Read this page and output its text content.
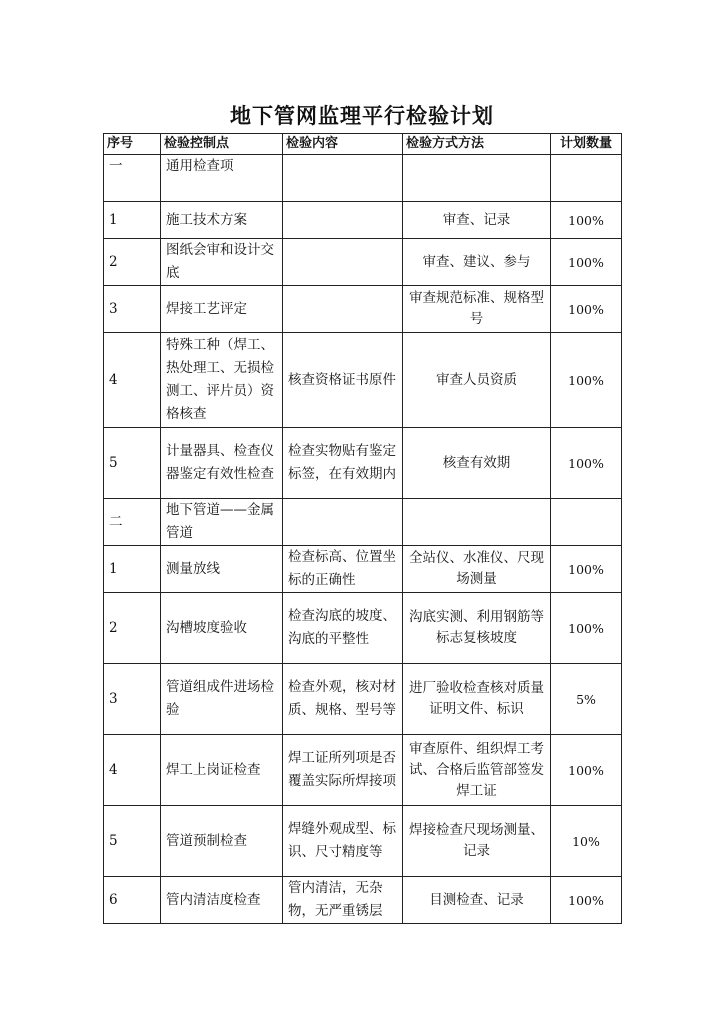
地下管网监理平行检验计划
序号	检验控制点	检验内容	检验方式方法	计划数量
一	通用检查项			
1	施工技术方案		审查、记录	100%
2	图纸会审和设计交底		审查、建议、参与	100%
3	焊接工艺评定		审查规范标准、规格型号	100%
4	特殊工种（焊工、热处理工、无损检测工、评片员）资格核查	核查资格证书原件	审查人员资质	100%
5	计量器具、检查仪器鉴定有效性检查	检查实物贴有鉴定标签，在有效期内	核查有效期	100%
二	地下管道——金属管道			
1	测量放线	检查标高、位置坐标的正确性	全站仪、水准仪、尺现场测量	100%
2	沟槽坡度验收	检查沟底的坡度、沟底的平整性	沟底实测、利用钢筋等标志复核坡度	100%
3	管道组成件进场检验	检查外观，核对材质、规格、型号等	进厂验收检查核对质量证明文件、标识	5%
4	焊工上岗证检查	焊工证所列项是否覆盖实际所焊接项	审查原件、组织焊工考试、合格后监管部签发焊工证	100%
5	管道预制检查	焊缝外观成型、标识、尺寸精度等	焊接检查尺现场测量、记录	10%
6	管内清洁度检查	管内清洁，无杂物，无严重锈层	目测检查、记录	100%
